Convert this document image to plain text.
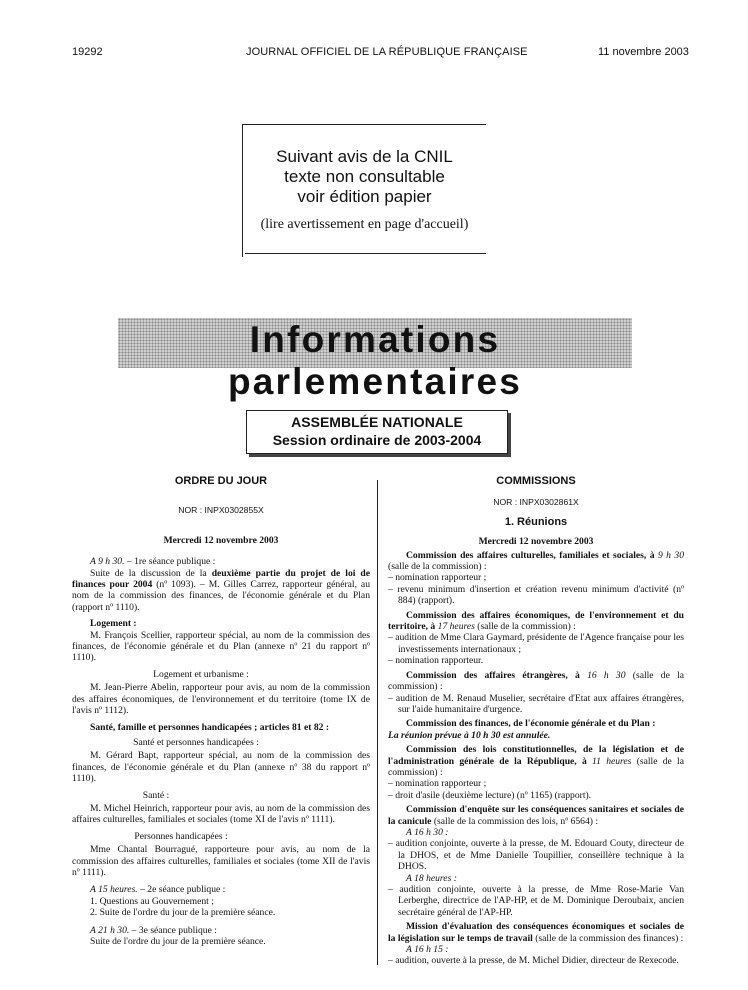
19292	JOURNAL OFFICIEL DE LA RÉPUBLIQUE FRANÇAISE	11 novembre 2003
Suivant avis de la CNIL
texte non consultable
voir édition papier
(lire avertissement en page d'accueil)
Informations parlementaires
ASSEMBLÉE NATIONALE
Session ordinaire de 2003-2004

ORDRE DU JOUR

NOR : INPX0302855X

Mercredi 12 novembre 2003

A 9 h 30. – 1re séance publique :

Suite de la discussion de la deuxième partie du projet de loi de finances pour 2004 (nº 1093). – M. Gilles Carrez, rapporteur général, au nom de la commission des finances, de l'économie générale et du Plan (rapport nº 1110).

Logement :

M. François Scellier, rapporteur spécial, au nom de la commission des finances, de l'économie générale et du Plan (annexe nº 21 du rapport nº 1110).

Logement et urbanisme :

M. Jean-Pierre Abelin, rapporteur pour avis, au nom de la commission des affaires économiques, de l'environnement et du territoire (tome IX de l'avis nº 1112).

Santé, famille et personnes handicapées ; articles 81 et 82 :

Santé et personnes handicapées :

M. Gérard Bapt, rapporteur spécial, au nom de la commission des finances, de l'économie générale et du Plan (annexe nº 38 du rapport nº 1110).

Santé :

M. Michel Heinrich, rapporteur pour avis, au nom de la commission des affaires culturelles, familiales et sociales (tome XI de l'avis nº 1111).

Personnes handicapées :

Mme Chantal Bourragué, rapporteure pour avis, au nom de la commission des affaires culturelles, familiales et sociales (tome XII de l'avis nº 1111).

A 15 heures. – 2e séance publique :

1. Questions au Gouvernement ;

2. Suite de l'ordre du jour de la première séance.

A 21 h 30. – 3e séance publique :

Suite de l'ordre du jour de la première séance.

COMMISSIONS

NOR : INPX0302861X

1. Réunions

Mercredi 12 novembre 2003

Commission des affaires culturelles, familiales et sociales, à 9 h 30 (salle de la commission) :

– nomination rapporteur ;

– revenu minimum d'insertion et création revenu minimum d'activité (nº 884) (rapport).

Commission des affaires économiques, de l'environnement et du territoire, à 17 heures (salle de la commission) :

– audition de Mme Clara Gaymard, présidente de l'Agence française pour les investissements internationaux ;

– nomination rapporteur.

Commission des affaires étrangères, à 16 h 30 (salle de la commission) :

– audition de M. Renaud Muselier, secrétaire d'Etat aux affaires étrangères, sur l'aide humanitaire d'urgence.

Commission des finances, de l'économie générale et du Plan :

La réunion prévue à 10 h 30 est annulée.

Commission des lois constitutionnelles, de la législation et de l'administration générale de la République, à 11 heures (salle de la commission) :

– nomination rapporteur ;

– droit d'asile (deuxième lecture) (nº 1165) (rapport).

Commission d'enquête sur les conséquences sanitaires et sociales de la canicule (salle de la commission des lois, nº 6564) :

A 16 h 30 :

– audition conjointe, ouverte à la presse, de M. Edouard Couty, directeur de la DHOS, et de Mme Danielle Toupillier, conseillère technique à la DHOS.

A 18 heures :

– audition conjointe, ouverte à la presse, de Mme Rose-Marie Van Lerberghe, directrice de l'AP-HP, et de M. Dominique Deroubaix, ancien secrétaire général de l'AP-HP.

Mission d'évaluation des conséquences économiques et sociales de la législation sur le temps de travail (salle de la commission des finances) :

A 16 h 15 :

– audition, ouverte à la presse, de M. Michel Didier, directeur de Rexecode.
